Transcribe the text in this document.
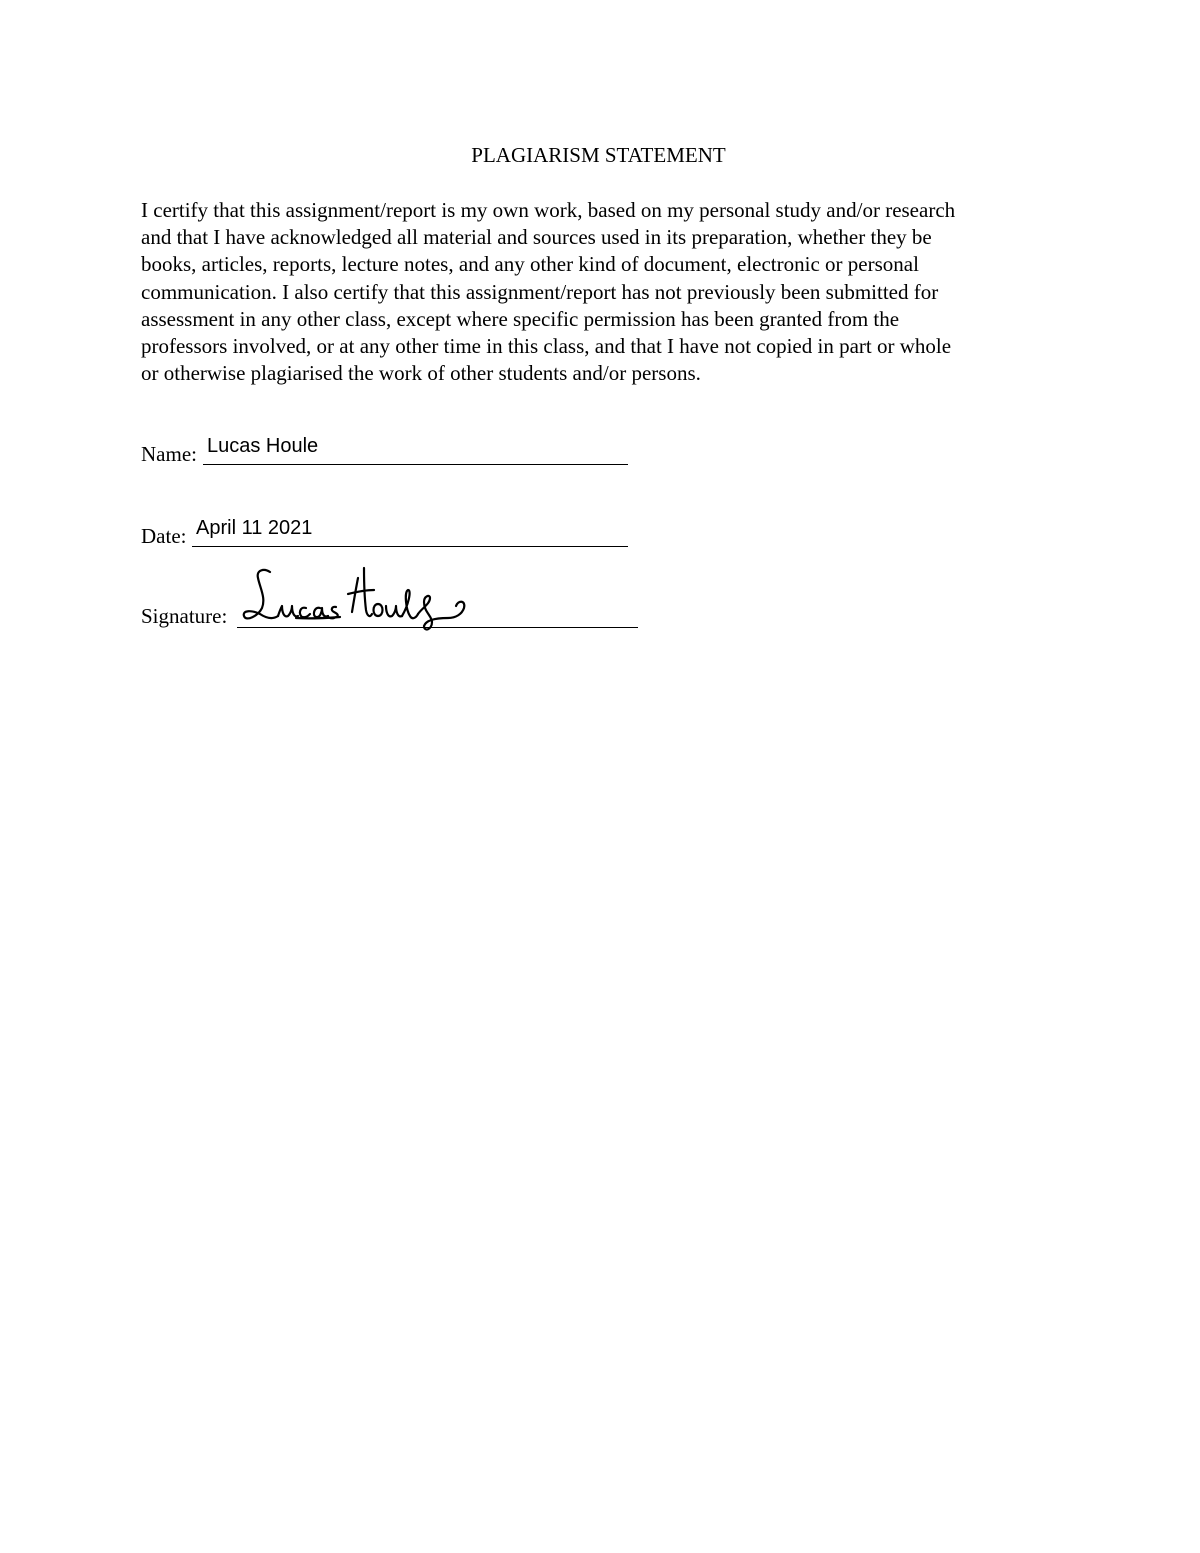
PLAGIARISM STATEMENT

I certify that this assignment/report is my own work, based on my personal study and/or research
and that I have acknowledged all material and sources used in its preparation, whether they be
books, articles, reports, lecture notes, and any other kind of document, electronic or personal
communication. I also certify that this assignment/report has not previously been submitted for
assessment in any other class, except where specific permission has been granted from the
professors involved, or at any other time in this class, and that I have not copied in part or whole
or otherwise plagiarised the work of other students and/or persons.

Name: Lucas Houle
Date: April 11 2021
Signature:
